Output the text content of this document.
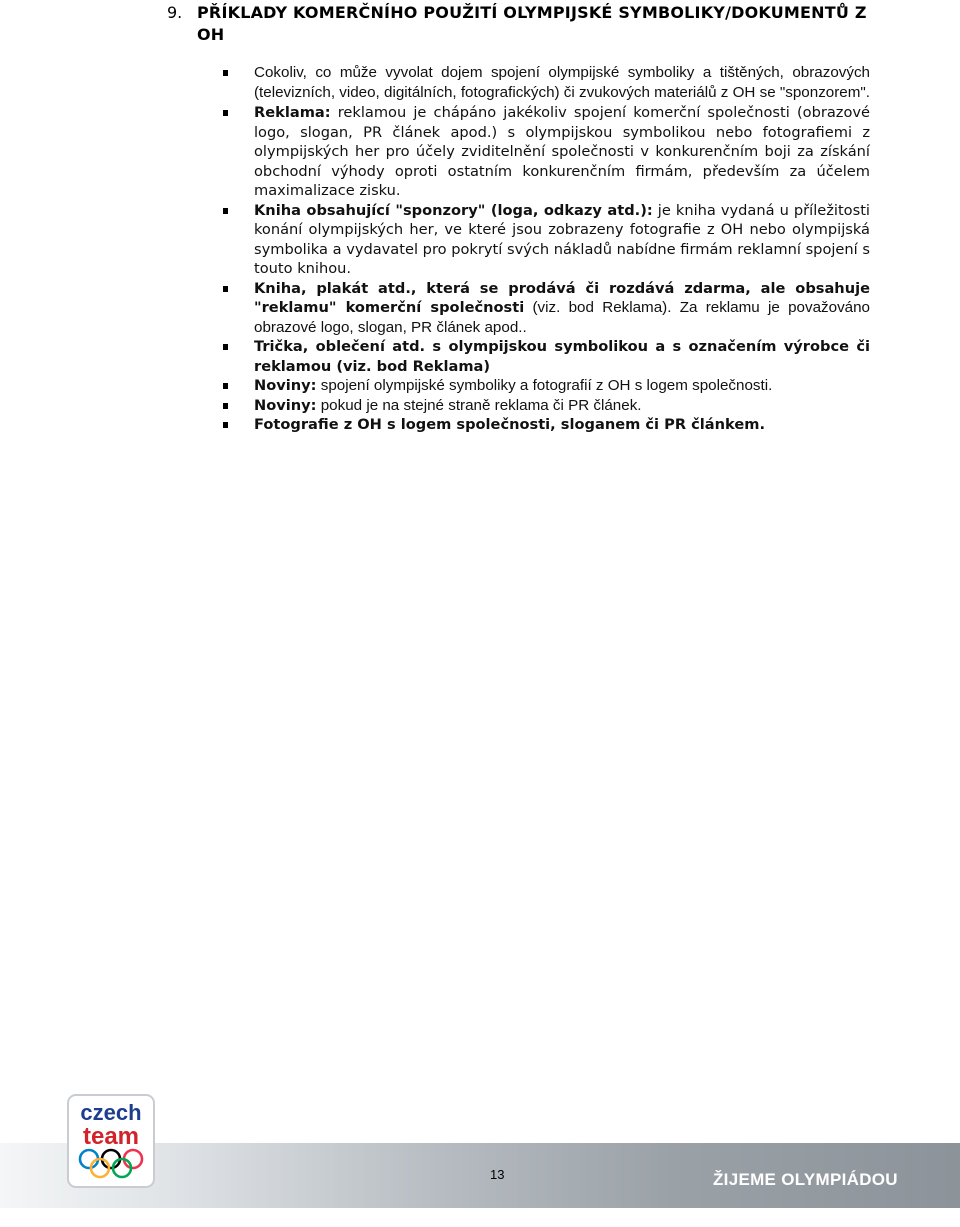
9. PŘÍKLADY KOMERČNÍHO POUŽITÍ OLYMPIJSKÉ SYMBOLIKY/DOKUMENTŮ Z OH
Cokoliv, co může vyvolat dojem spojení olympijské symboliky a tištěných, obrazových (televizních, video, digitálních, fotografických) či zvukových materiálů z OH se "sponzorem".
Reklama: reklamou je chápáno jakékoliv spojení komerční společnosti (obrazové logo, slogan, PR článek apod.) s olympijskou symbolikou nebo fotografiemi z olympijských her pro účely zviditelnění společnosti v konkurenčním boji za získání obchodní výhody oproti ostatním konkurenčním firmám, především za účelem maximalizace zisku.
Kniha obsahující "sponzory" (loga, odkazy atd.): je kniha vydaná u příležitosti konání olympijských her, ve které jsou zobrazeny fotografie z OH nebo olympijská symbolika a vydavatel pro pokrytí svých nákladů nabídne firmám reklamní spojení s touto knihou.
Kniha, plakát atd., která se prodává či rozdává zdarma, ale obsahuje "reklamu" komerční společnosti (viz. bod Reklama). Za reklamu je považováno obrazové logo, slogan, PR článek apod..
Trička, oblečení atd. s olympijskou symbolikou a s označením výrobce či reklamou (viz. bod Reklama)
Noviny: spojení olympijské symboliky a fotografií z OH s logem společnosti.
Noviny: pokud je na stejné straně reklama či PR článek.
Fotografie z OH s logem společnosti, sloganem či PR článkem.
czech
team
13	ŽIJEME OLYMPIÁDOU
